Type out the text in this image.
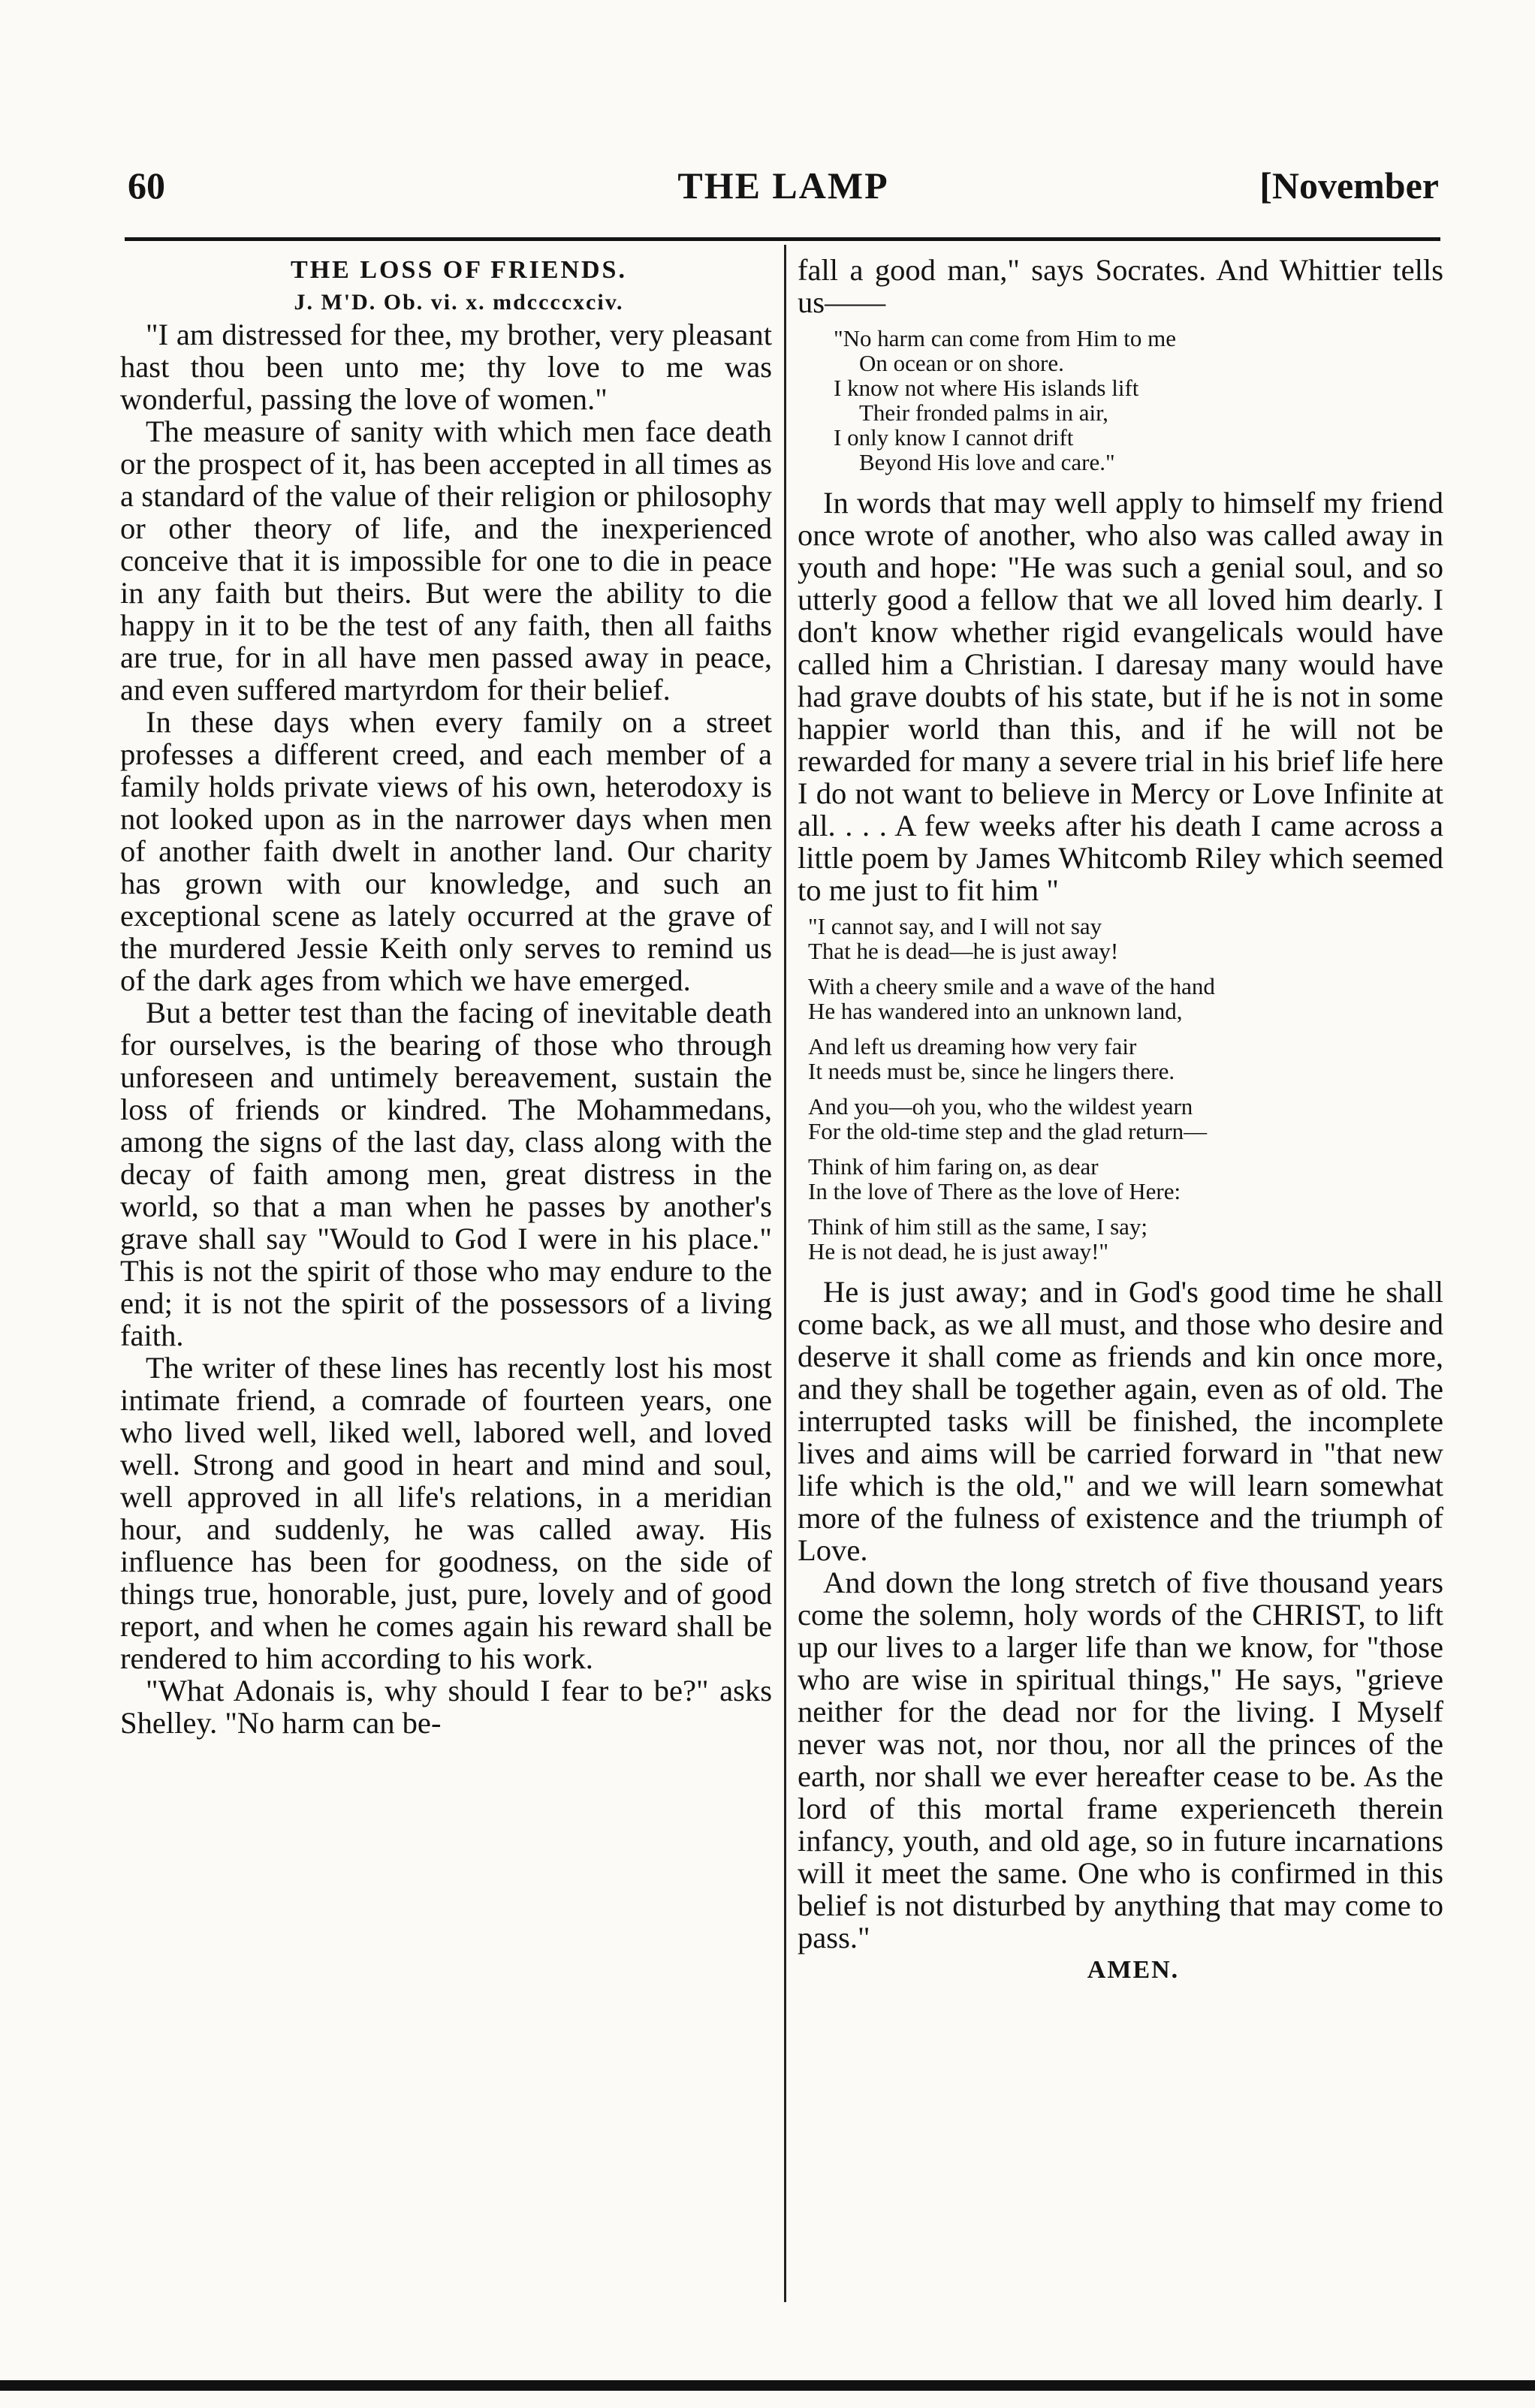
60	THE LAMP	[November

THE LOSS OF FRIENDS.

J. M'D. Ob. vi. x. mdccccxciv.

"I am distressed for thee, my brother, very pleasant hast thou been unto me; thy love to me was wonderful, passing the love of women."

The measure of sanity with which men face death or the prospect of it, has been accepted in all times as a standard of the value of their religion or philosophy or other theory of life, and the inexperienced conceive that it is impossible for one to die in peace in any faith but theirs. But were the ability to die happy in it to be the test of any faith, then all faiths are true, for in all have men passed away in peace, and even suffered martyrdom for their belief.

In these days when every family on a street professes a different creed, and each member of a family holds private views of his own, heterodoxy is not looked upon as in the narrower days when men of another faith dwelt in another land. Our charity has grown with our knowledge, and such an exceptional scene as lately occurred at the grave of the murdered Jessie Keith only serves to remind us of the dark ages from which we have emerged.

But a better test than the facing of inevitable death for ourselves, is the bearing of those who through unforeseen and untimely bereavement, sustain the loss of friends or kindred. The Mohammedans, among the signs of the last day, class along with the decay of faith among men, great distress in the world, so that a man when he passes by another's grave shall say "Would to God I were in his place." This is not the spirit of those who may endure to the end; it is not the spirit of the possessors of a living faith.

The writer of these lines has recently lost his most intimate friend, a comrade of fourteen years, one who lived well, liked well, labored well, and loved well. Strong and good in heart and mind and soul, well approved in all life's relations, in a meridian hour, and suddenly, he was called away. His influence has been for goodness, on the side of things true, honorable, just, pure, lovely and of good report, and when he comes again his reward shall be rendered to him according to his work.

"What Adonais is, why should I fear to be?" asks Shelley. "No harm can be-

fall a good man," says Socrates. And Whittier tells us——

"No harm can come from Him to me
On ocean or on shore.
I know not where His islands lift
Their fronded palms in air,
I only know I cannot drift
Beyond His love and care."

In words that may well apply to himself my friend once wrote of another, who also was called away in youth and hope: "He was such a genial soul, and so utterly good a fellow that we all loved him dearly. I don't know whether rigid evangelicals would have called him a Christian. I daresay many would have had grave doubts of his state, but if he is not in some happier world than this, and if he will not be rewarded for many a severe trial in his brief life here I do not want to believe in Mercy or Love Infinite at all. . . . A few weeks after his death I came across a little poem by James Whitcomb Riley which seemed to me just to fit him "

"I cannot say, and I will not say
That he is dead—he is just away!
With a cheery smile and a wave of the hand
He has wandered into an unknown land,
And left us dreaming how very fair
It needs must be, since he lingers there.
And you—oh you, who the wildest yearn
For the old-time step and the glad return—
Think of him faring on, as dear
In the love of There as the love of Here:
Think of him still as the same, I say;
He is not dead, he is just away!"

He is just away; and in God's good time he shall come back, as we all must, and those who desire and deserve it shall come as friends and kin once more, and they shall be together again, even as of old. The interrupted tasks will be finished, the incomplete lives and aims will be carried forward in "that new life which is the old," and we will learn somewhat more of the fulness of existence and the triumph of Love.

And down the long stretch of five thousand years come the solemn, holy words of the CHRIST, to lift up our lives to a larger life than we know, for "those who are wise in spiritual things," He says, "grieve neither for the dead nor for the living. I Myself never was not, nor thou, nor all the princes of the earth, nor shall we ever hereafter cease to be. As the lord of this mortal frame experienceth therein infancy, youth, and old age, so in future incarnations will it meet the same. One who is confirmed in this belief is not disturbed by anything that may come to pass."

AMEN.
